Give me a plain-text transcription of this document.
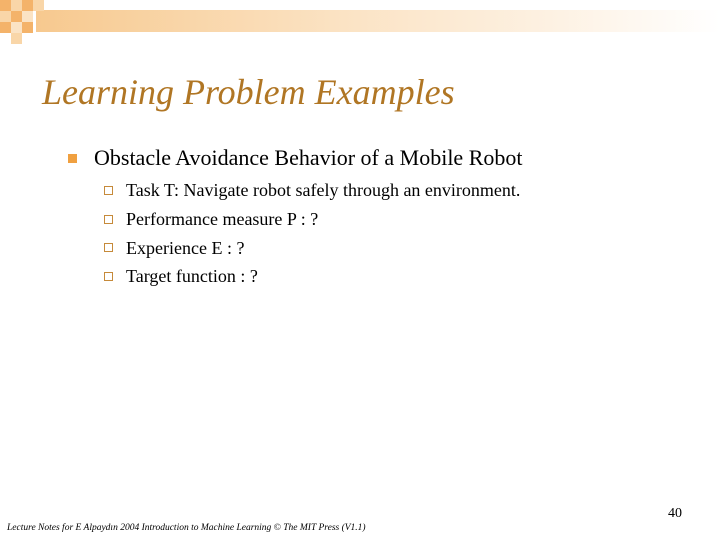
Learning Problem Examples
Obstacle Avoidance Behavior of a Mobile Robot
Task T: Navigate robot safely through an environment.
Performance measure P : ?
Experience E : ?
Target function : ?
40
Lecture Notes for E Alpaydın 2004 Introduction to Machine Learning © The MIT Press (V1.1)
